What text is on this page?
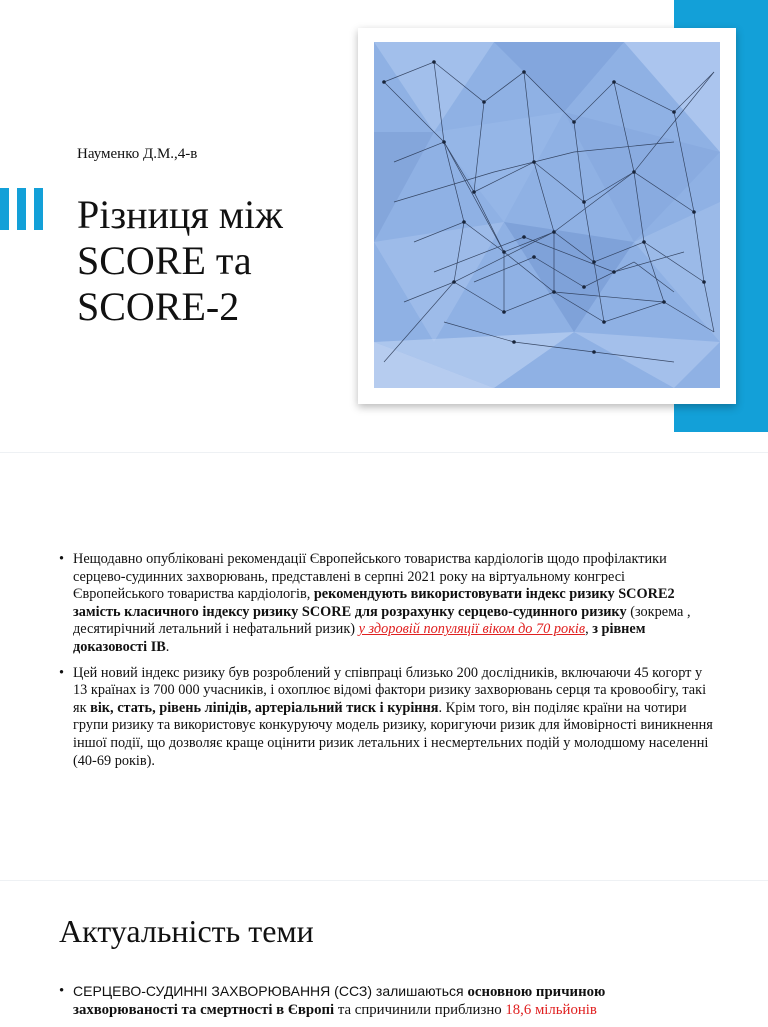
Науменко Д.М.,4-в
Різниця між
SCORE та
SCORE-2
• Нещодавно опубліковані рекомендації Європейського товариства кардіологів щодо профілактики серцево-судинних захворювань, представлені в серпні 2021 року на віртуальному конгресі Європейського товариства кардіологів, рекомендують використовувати індекс ризику SCORE2 замість класичного індексу ризику SCORE для розрахунку серцево-судинного ризику (зокрема , десятирічний летальний і нефатальний ризик) у здоровій популяції віком до 70 років, з рівнем доказовості IB.
• Цей новий індекс ризику був розроблений у співпраці близько 200 дослідників, включаючи 45 когорт у 13 країнах із 700 000 учасників, і охоплює відомі фактори ризику захворювань серця та кровообігу, такі як вік, стать, рівень ліпідів, артеріальний тиск і куріння. Крім того, він поділяє країни на чотири групи ризику та використовує конкуруючу модель ризику, коригуючи ризик для ймовірності виникнення іншої події, що дозволяє краще оцінити ризик летальних і несмертельних подій у молодшому населенні (40-69 років).
Актуальність теми
• СЕРЦЕВО-СУДИННІ ЗАХВОРЮВАННЯ (ССЗ) залишаються основною причиною захворюваності та смертності в Європі та спричинили приблизно 18,6 мільйонів
